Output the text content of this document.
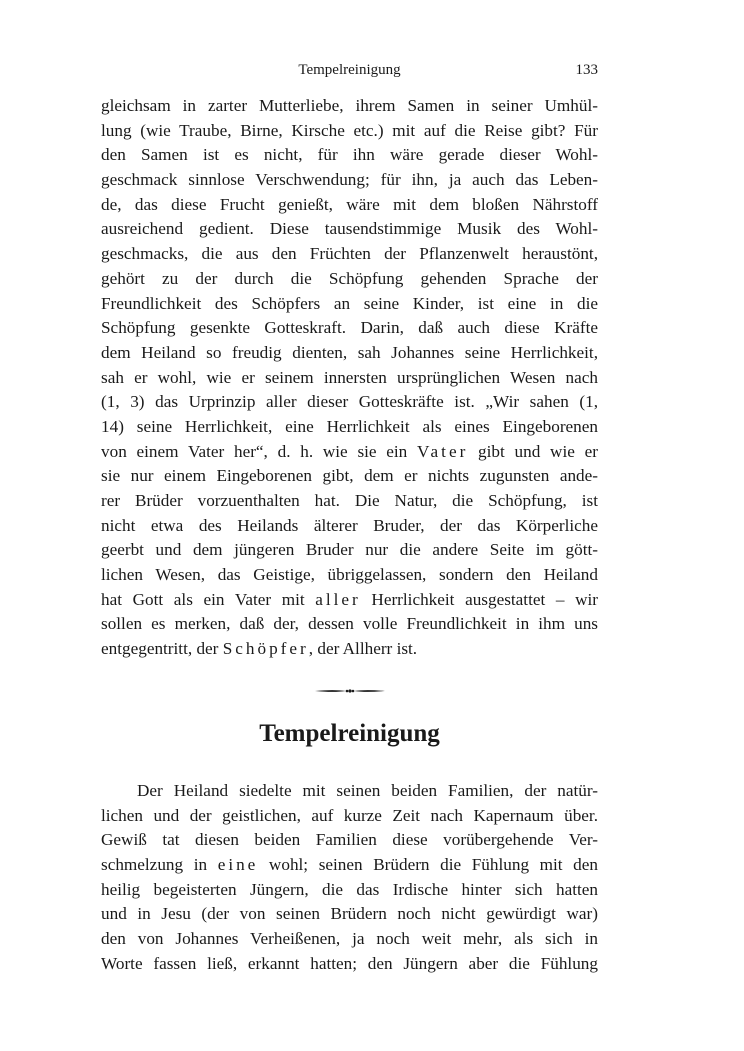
Tempelreinigung	133
gleichsam in zarter Mutterliebe, ihrem Samen in seiner Umhül-
lung (wie Traube, Birne, Kirsche etc.) mit auf die Reise gibt? Für
den Samen ist es nicht, für ihn wäre gerade dieser Wohl-
geschmack sinnlose Verschwendung; für ihn, ja auch das Leben-
de, das diese Frucht genießt, wäre mit dem bloßen Nährstoff
ausreichend gedient. Diese tausendstimmige Musik des Wohl-
geschmacks, die aus den Früchten der Pflanzenwelt heraustönt,
gehört zu der durch die Schöpfung gehenden Sprache der
Freundlichkeit des Schöpfers an seine Kinder, ist eine in die
Schöpfung gesenkte Gotteskraft. Darin, daß auch diese Kräfte
dem Heiland so freudig dienten, sah Johannes seine Herrlichkeit,
sah er wohl, wie er seinem innersten ursprünglichen Wesen nach
(1, 3) das Urprinzip aller dieser Gotteskräfte ist. „Wir sahen (1,
14) seine Herrlichkeit, eine Herrlichkeit als eines Eingeborenen
von einem Vater her“, d. h. wie sie ein Vater gibt und wie er
sie nur einem Eingeborenen gibt, dem er nichts zugunsten ande-
rer Brüder vorzuenthalten hat. Die Natur, die Schöpfung, ist
nicht etwa des Heilands älterer Bruder, der das Körperliche
geerbt und dem jüngeren Bruder nur die andere Seite im gött-
lichen Wesen, das Geistige, übriggelassen, sondern den Heiland
hat Gott als ein Vater mit aller Herrlichkeit ausgestattet – wir
sollen es merken, daß der, dessen volle Freundlichkeit in ihm uns
entgegentritt, der Schöpfer, der Allherr ist.
Tempelreinigung
Der Heiland siedelte mit seinen beiden Familien, der natür-
lichen und der geistlichen, auf kurze Zeit nach Kapernaum über.
Gewiß tat diesen beiden Familien diese vorübergehende Ver-
schmelzung in eine wohl; seinen Brüdern die Fühlung mit den
heilig begeisterten Jüngern, die das Irdische hinter sich hatten
und in Jesu (der von seinen Brüdern noch nicht gewürdigt war)
den von Johannes Verheißenen, ja noch weit mehr, als sich in
Worte fassen ließ, erkannt hatten; den Jüngern aber die Fühlung
